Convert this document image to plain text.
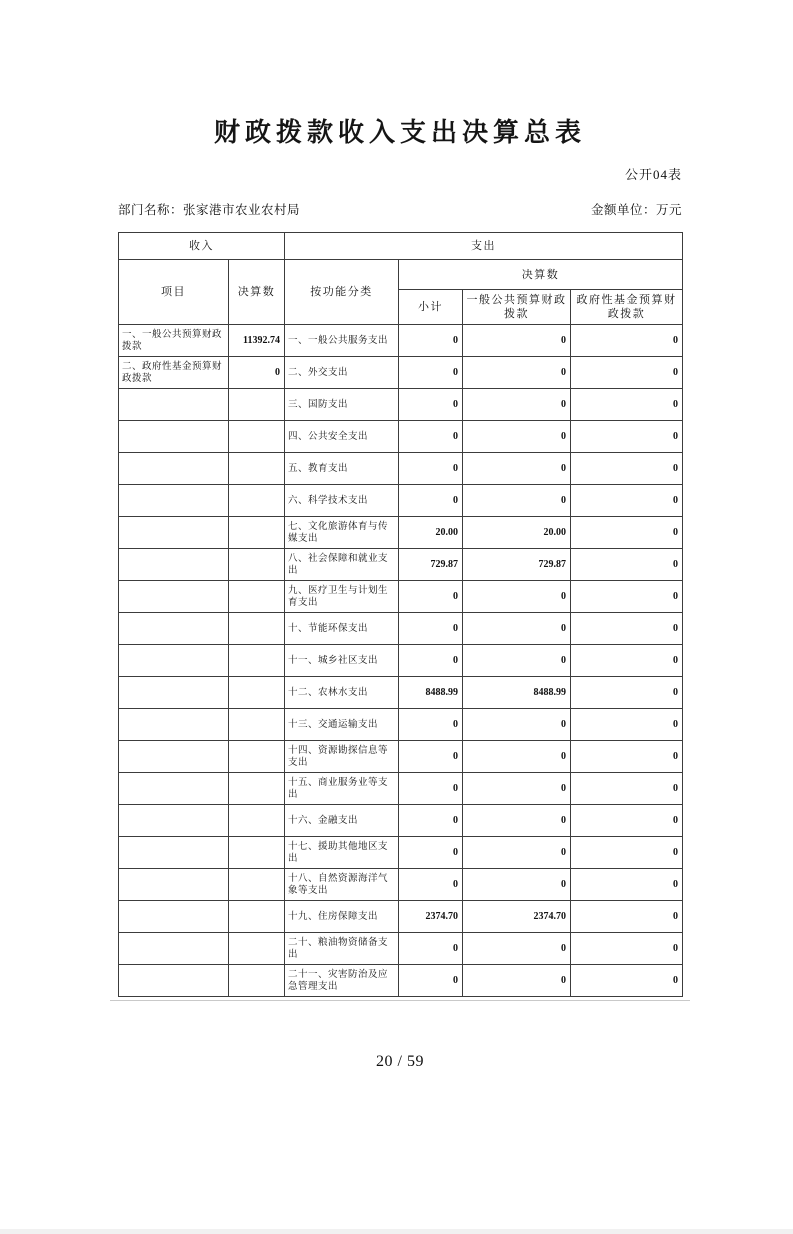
财政拨款收入支出决算总表
公开04表
部门名称：张家港市农业农村局	金额单位：万元
收入		支出			
项目	决算数	按功能分类	决算数		
			小计	一般公共预算财政拨款	政府性基金预算财政拨款
一、一般公共预算财政拨款	11392.74	一、一般公共服务支出	0	0	0
二、政府性基金预算财政拨款	0	二、外交支出	0	0	0
		三、国防支出	0	0	0
		四、公共安全支出	0	0	0
		五、教育支出	0	0	0
		六、科学技术支出	0	0	0
		七、文化旅游体育与传媒支出	20.00	20.00	0
		八、社会保障和就业支出	729.87	729.87	0
		九、医疗卫生与计划生育支出	0	0	0
		十、节能环保支出	0	0	0
		十一、城乡社区支出	0	0	0
		十二、农林水支出	8488.99	8488.99	0
		十三、交通运输支出	0	0	0
		十四、资源勘探信息等支出	0	0	0
		十五、商业服务业等支出	0	0	0
		十六、金融支出	0	0	0
		十七、援助其他地区支出	0	0	0
		十八、自然资源海洋气象等支出	0	0	0
		十九、住房保障支出	2374.70	2374.70	0
		二十、粮油物资储备支出	0	0	0
		二十一、灾害防治及应急管理支出	0	0	0
20 / 59
